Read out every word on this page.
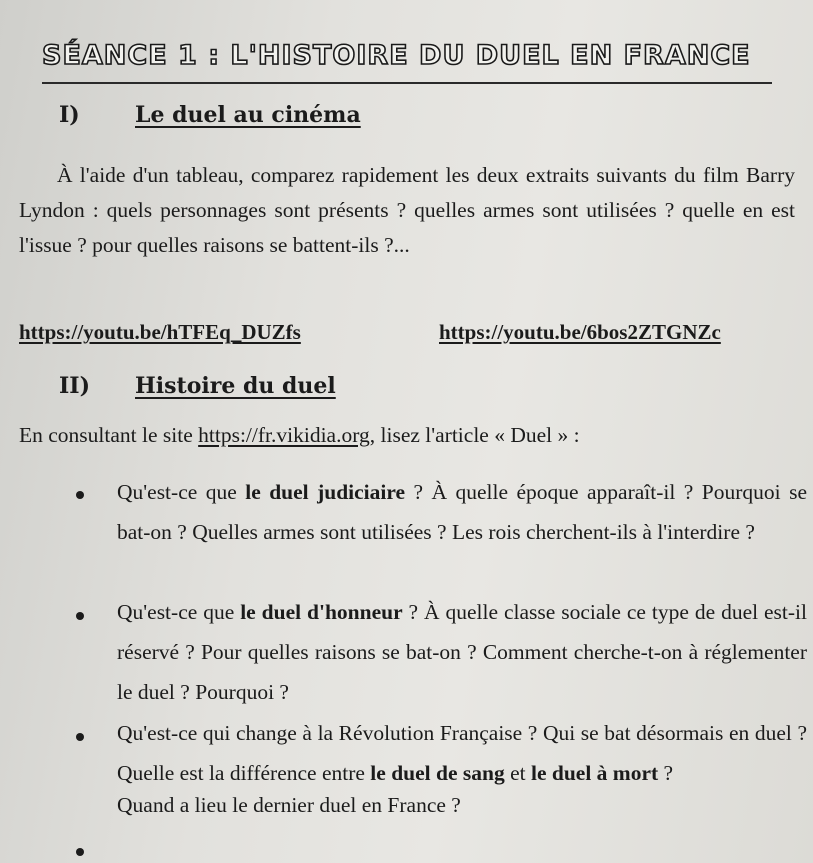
SÉANCE 1 : L'HISTOIRE DU DUEL EN FRANCE
I)	Le duel au cinéma
À l'aide d'un tableau, comparez rapidement les deux extraits suivants du film Barry Lyndon : quels personnages sont présents ? quelles armes sont utilisées ? quelle en est l'issue ? pour quelles raisons se battent-ils ?...
https://youtu.be/hTFEq_DUZfs	https://youtu.be/6bos2ZTGNZc
II) Histoire du duel
En consultant le site https://fr.vikidia.org, lisez l'article « Duel » :
Qu'est-ce que le duel judiciaire ? À quelle époque apparaît-il ? Pourquoi se bat-on ? Quelles armes sont utilisées ? Les rois cherchent-ils à l'interdire ?
Qu'est-ce que le duel d'honneur ? À quelle classe sociale ce type de duel est-il réservé ? Pour quelles raisons se bat-on ? Comment cherche-t-on à réglementer le duel ? Pourquoi ?
Qu'est-ce qui change à la Révolution Française ? Qui se bat désormais en duel ? Quelle est la différence entre le duel de sang et le duel à mort ?
Quand a lieu le dernier duel en France ?
